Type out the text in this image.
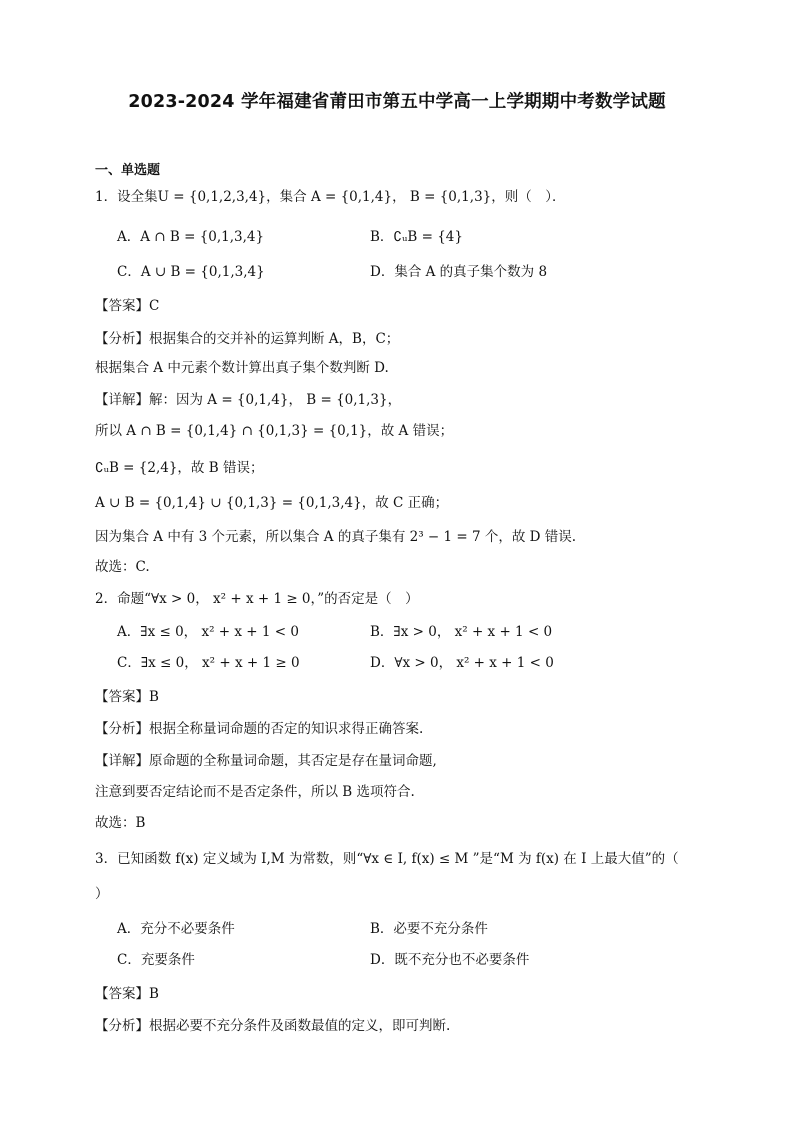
2023-2024 学年福建省莆田市第五中学高一上学期期中考数学试题
一、单选题
1．设全集U = {0,1,2,3,4}，集合 A = {0,1,4}， B = {0,1,3}，则（　）．
A．A ∩ B = {0,1,3,4}	B．∁ᵤB = {4}
C．A ∪ B = {0,1,3,4}	D．集合 A 的真子集个数为 8
【答案】C
【分析】根据集合的交并补的运算判断 A，B，C；
根据集合 A 中元素个数计算出真子集个数判断 D.
【详解】解：因为 A = {0,1,4}， B = {0,1,3}，
所以 A ∩ B = {0,1,4} ∩ {0,1,3} = {0,1}，故 A 错误；
∁ᵤB = {2,4}，故 B 错误；
A ∪ B = {0,1,4} ∪ {0,1,3} = {0,1,3,4}，故 C 正确；
因为集合 A 中有 3 个元素，所以集合 A 的真子集有 2³ − 1 = 7 个，故 D 错误.
故选：C.
2．命题“∀x > 0， x² + x + 1 ≥ 0，”的否定是（　）
A．∃x ≤ 0， x² + x + 1 < 0	B．∃x > 0， x² + x + 1 < 0
C．∃x ≤ 0， x² + x + 1 ≥ 0	D．∀x > 0， x² + x + 1 < 0
【答案】B
【分析】根据全称量词命题的否定的知识求得正确答案.
【详解】原命题的全称量词命题，其否定是存在量词命题,
注意到要否定结论而不是否定条件，所以 B 选项符合.
故选：B
3．已知函数 f(x) 定义域为 I,M 为常数，则“∀x ∈ I, f(x) ≤ M ”是“M 为 f(x) 在 I 上最大值”的（
）
A．充分不必要条件	B．必要不充分条件
C．充要条件	D．既不充分也不必要条件
【答案】B
【分析】根据必要不充分条件及函数最值的定义，即可判断.
